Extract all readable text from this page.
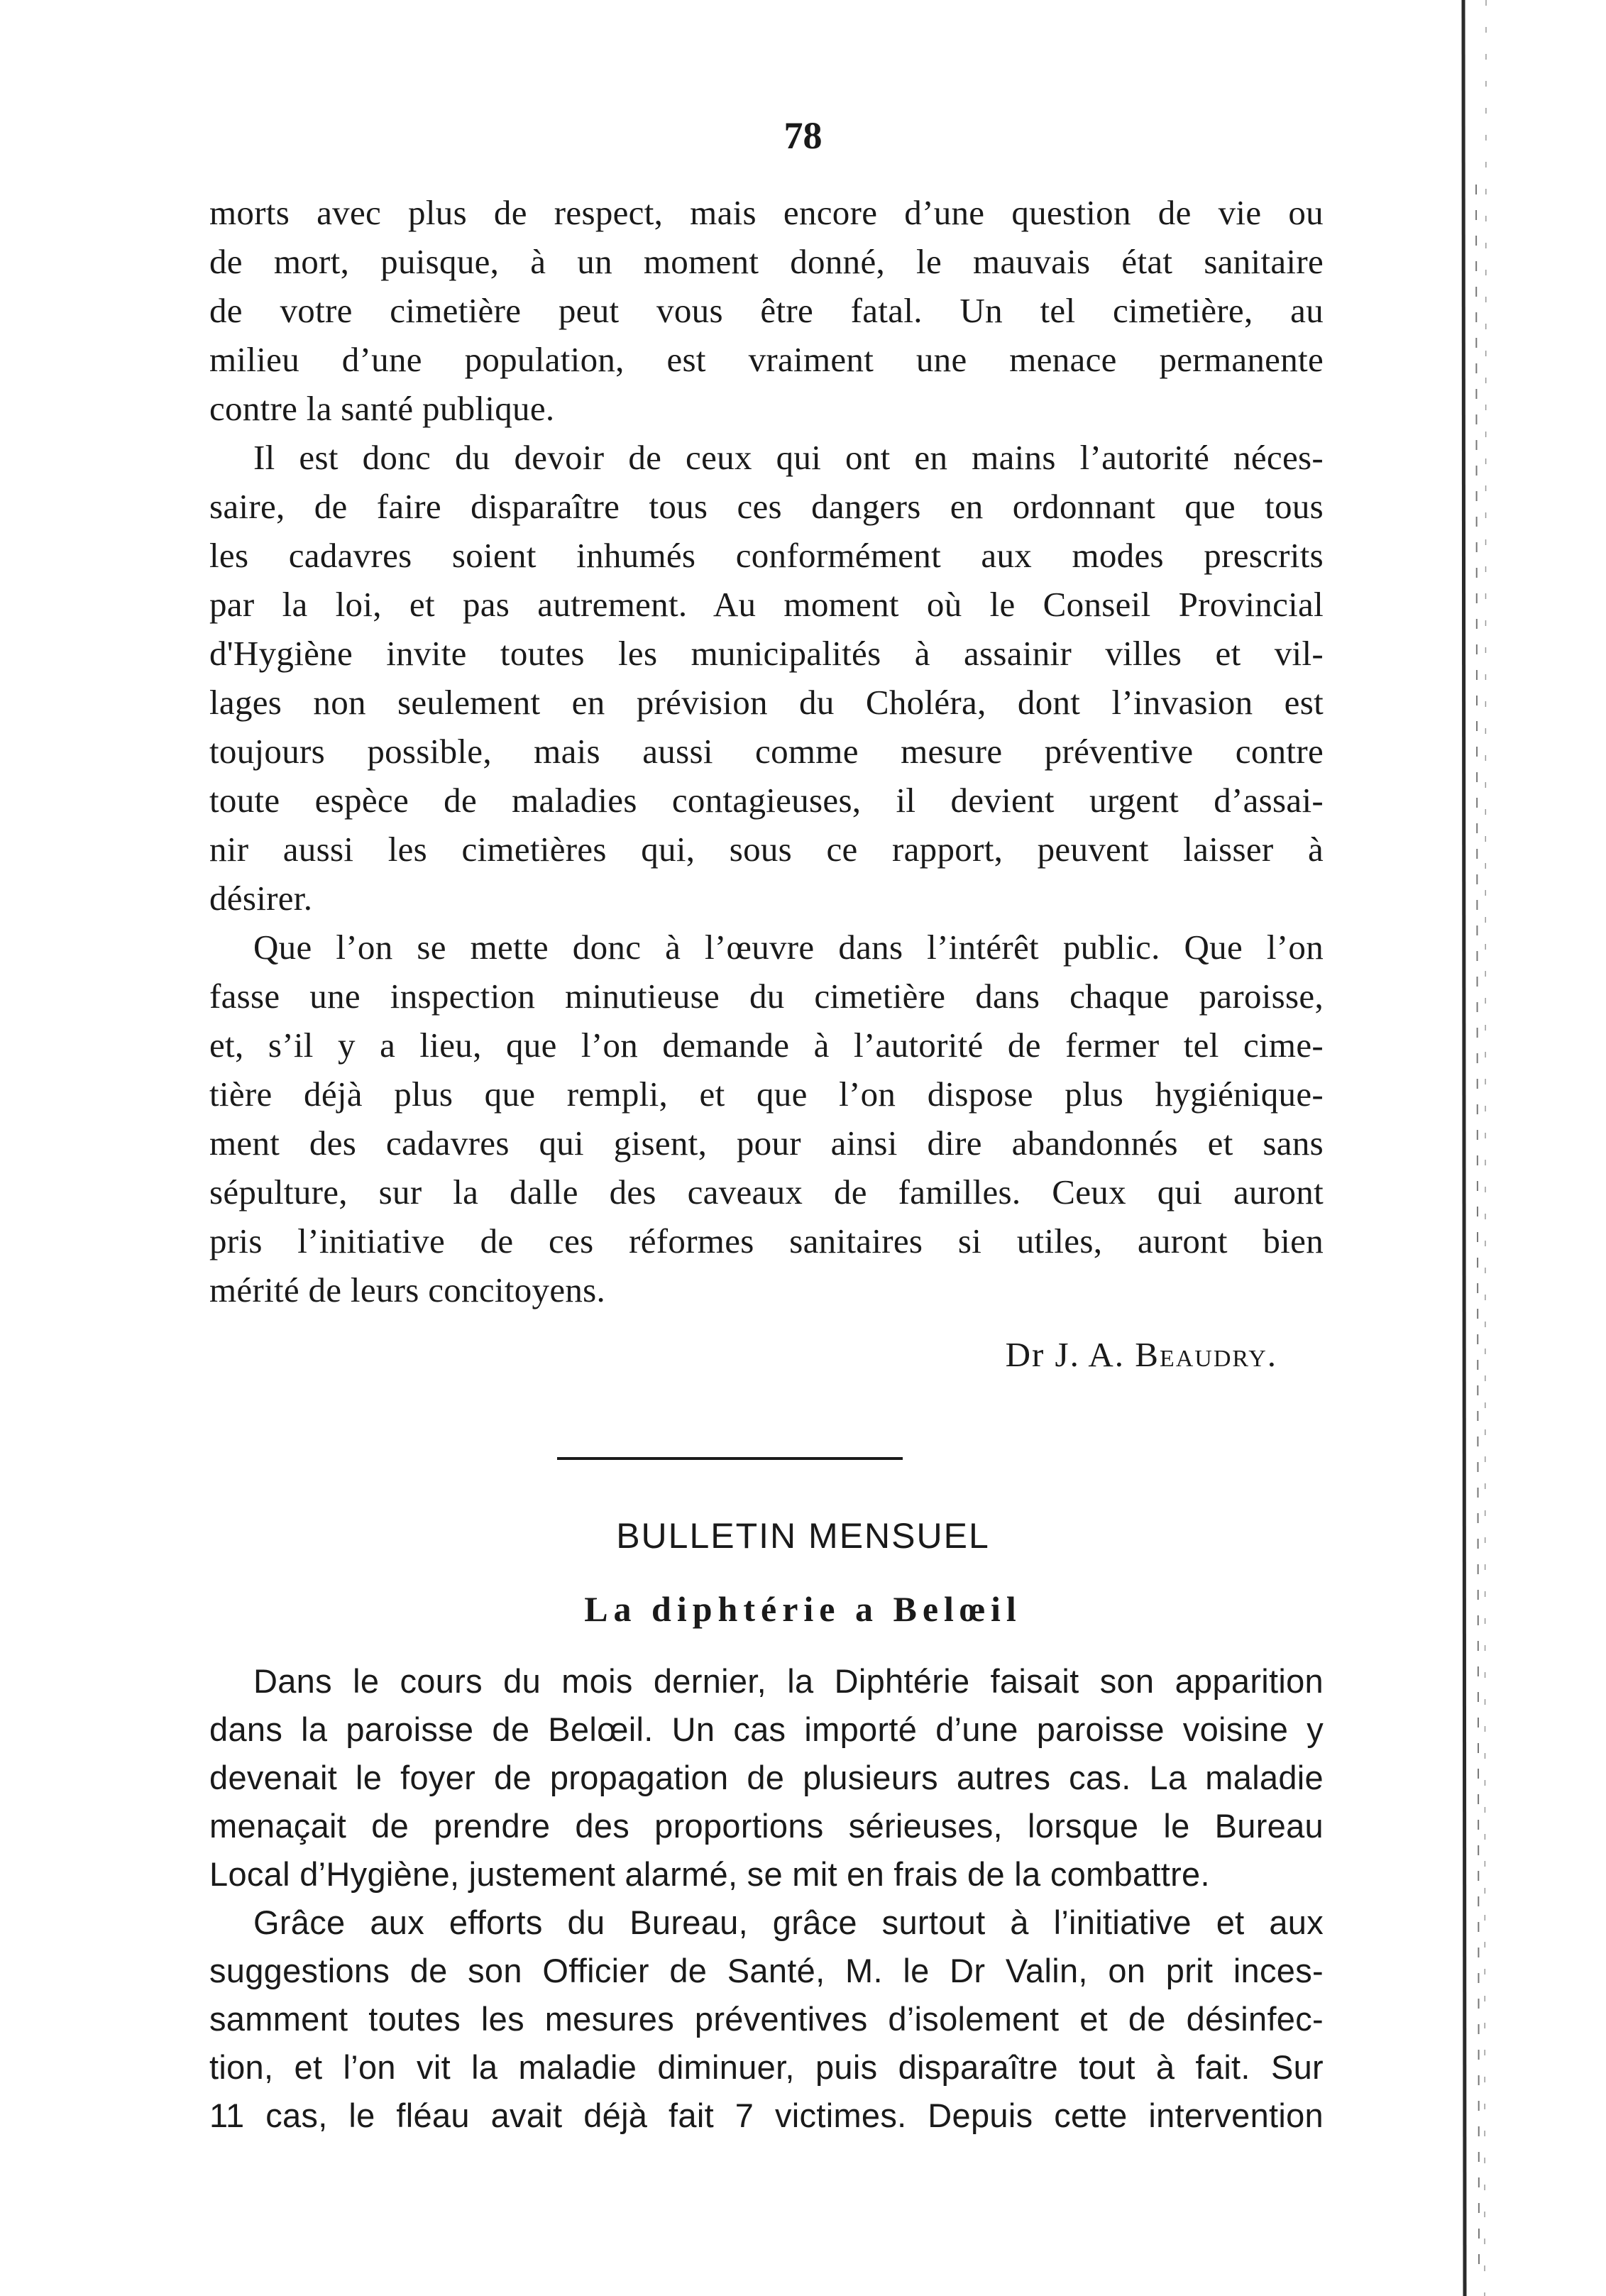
78
morts avec plus de respect, mais encore d’une question de vie ou
de mort, puisque, à un moment donné, le mauvais état sanitaire
de votre cimetière peut vous être fatal. Un tel cimetière, au
milieu d’une population, est vraiment une menace permanente
contre la santé publique.
Il est donc du devoir de ceux qui ont en mains l’autorité néces-
saire, de faire disparaître tous ces dangers en ordonnant que tous
les cadavres soient inhumés conformément aux modes prescrits
par la loi, et pas autrement. Au moment où le Conseil Provincial
d'Hygiène invite toutes les municipalités à assainir villes et vil-
lages non seulement en prévision du Choléra, dont l’invasion est
toujours possible, mais aussi comme mesure préventive contre
toute espèce de maladies contagieuses, il devient urgent d’assai-
nir aussi les cimetières qui, sous ce rapport, peuvent laisser à
désirer.
Que l’on se mette donc à l’œuvre dans l’intérêt public. Que l’on
fasse une inspection minutieuse du cimetière dans chaque paroisse,
et, s’il y a lieu, que l’on demande à l’autorité de fermer tel cime-
tière déjà plus que rempli, et que l’on dispose plus hygiénique-
ment des cadavres qui gisent, pour ainsi dire abandonnés et sans
sépulture, sur la dalle des caveaux de familles. Ceux qui auront
pris l’initiative de ces réformes sanitaires si utiles, auront bien
mérité de leurs concitoyens.
Dr J. A. Beaudry.
BULLETIN MENSUEL
La diphtérie a Belœil
Dans le cours du mois dernier, la Diphtérie faisait son apparition
dans la paroisse de Belœil. Un cas importé d’une paroisse voisine y
devenait le foyer de propagation de plusieurs autres cas. La maladie
menaçait de prendre des proportions sérieuses, lorsque le Bureau
Local d’Hygiène, justement alarmé, se mit en frais de la combattre.
Grâce aux efforts du Bureau, grâce surtout à l’initiative et aux
suggestions de son Officier de Santé, M. le Dr Valin, on prit inces-
samment toutes les mesures préventives d’isolement et de désinfec-
tion, et l’on vit la maladie diminuer, puis disparaître tout à fait. Sur
11 cas, le fléau avait déjà fait 7 victimes. Depuis cette intervention
